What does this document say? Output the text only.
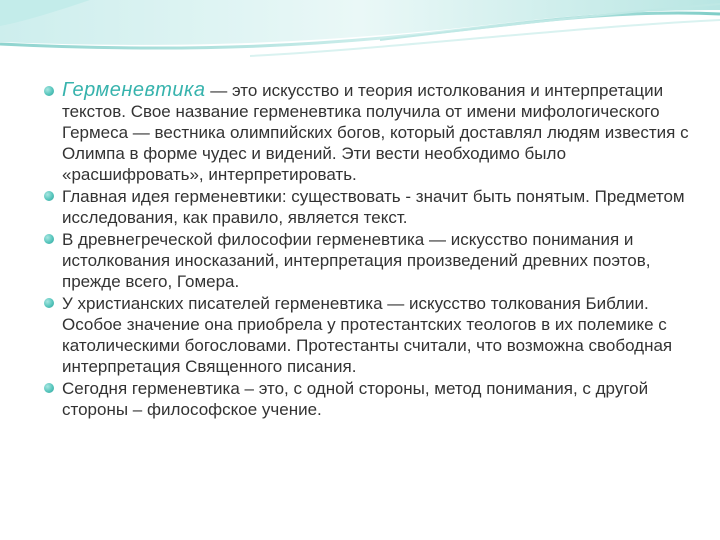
Герменевтика — это искусство и теория истолкования и интерпретации текстов. Свое название герменевтика получила от имени мифологического Гермеса — вестника олимпийских богов, который доставлял людям известия с Олимпа в форме чудес и видений. Эти вести необходимо было «расшифровать», интерпретировать.
Главная идея герменевтики: существовать - значит быть понятым. Предметом исследования, как правило, является текст.
В древнегреческой философии герменевтика — искусство понимания и истолкования иносказаний, интерпретация произведений древних поэтов, прежде всего, Гомера.
У христианских писателей герменевтика — искусство толкования Библии. Особое значение она приобрела у протестантских теологов в их полемике с католическими богословами. Протестанты считали, что возможна свободная интерпретация Священного писания.
Сегодня герменевтика – это, с одной стороны, метод понимания, с другой стороны – философское учение.
